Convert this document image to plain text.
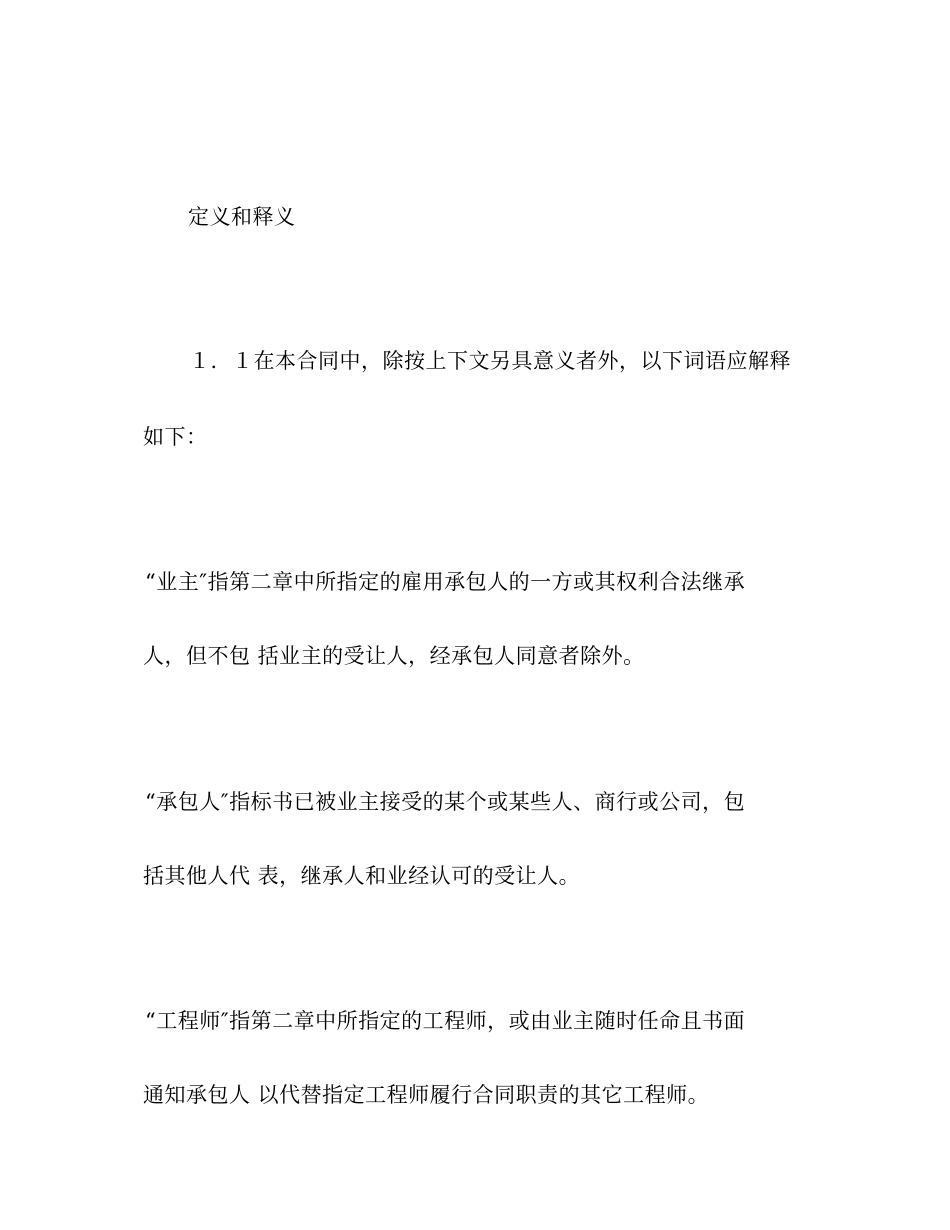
定义和释义
１．１在本合同中，除按上下文另具意义者外，以下词语应解释
如下：
“业主″指第二章中所指定的雇用承包人的一方或其权利合法继承
人，但不包 括业主的受让人，经承包人同意者除外。
“承包人″指标书已被业主接受的某个或某些人、商行或公司，包
括其他人代 表，继承人和业经认可的受让人。
“工程师″指第二章中所指定的工程师，或由业主随时任命且书面
通知承包人 以代替指定工程师履行合同职责的其它工程师。
